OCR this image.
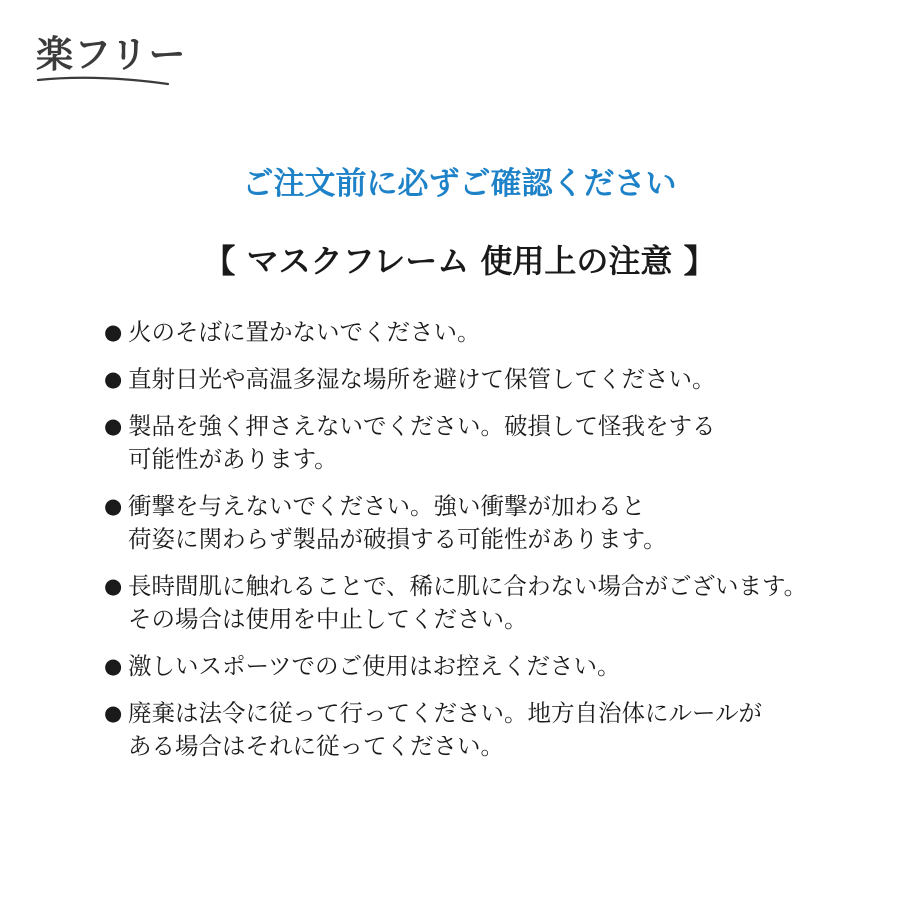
楽フリー
ご注文前に必ずご確認ください
【 マスクフレーム 使用上の注意 】
● 火のそばに置かないでください。
● 直射日光や高温多湿な場所を避けて保管してください。
● 製品を強く押さえないでください。破損して怪我をする
可能性があります。
● 衝撃を与えないでください。強い衝撃が加わると
荷姿に関わらず製品が破損する可能性があります。
● 長時間肌に触れることで、稀に肌に合わない場合がございます。
その場合は使用を中止してください。
● 激しいスポーツでのご使用はお控えください。
● 廃棄は法令に従って行ってください。地方自治体にルールが
ある場合はそれに従ってください。
